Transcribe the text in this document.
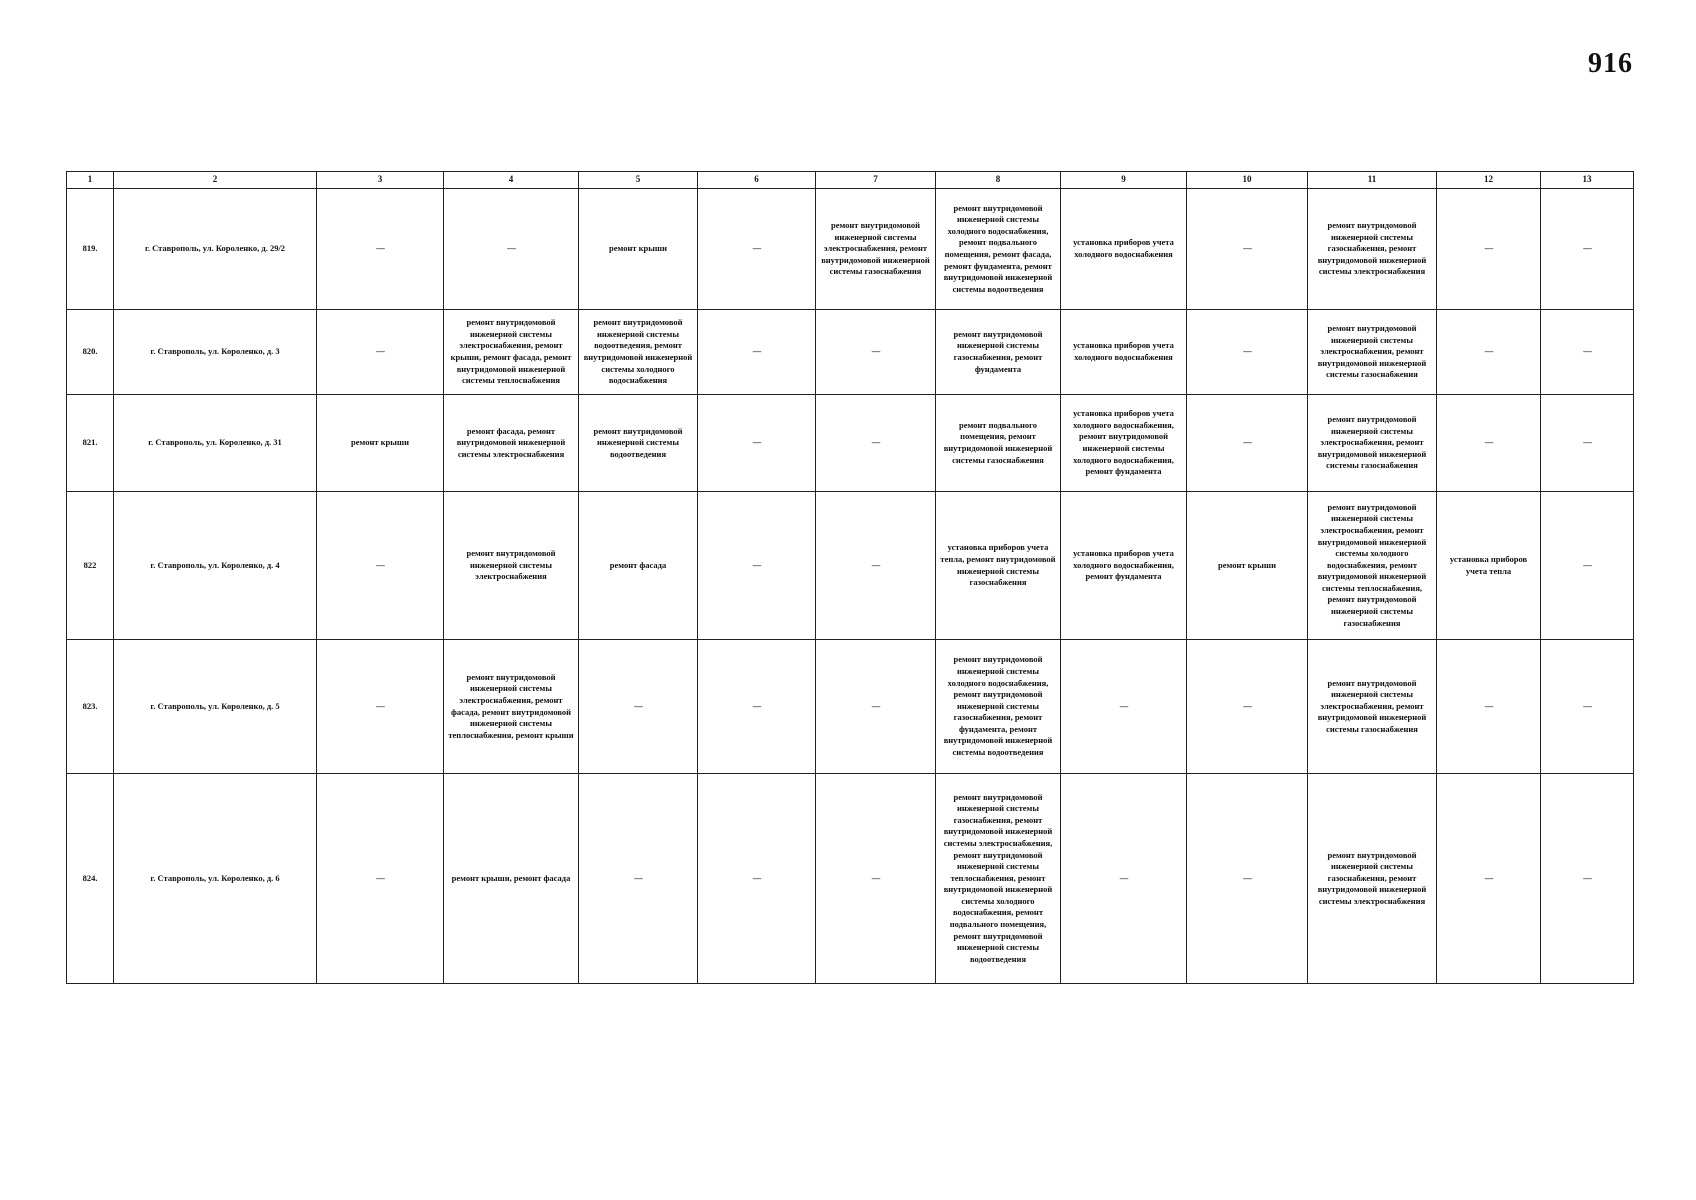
916
1	2	3	4	5	6	7	8	9	10	11	12	13
819.	г. Ставрополь, ул. Короленко, д. 29/2	—	—	ремонт крыши	—	ремонт внутридомовой инженерной системы электроснабжения, ремонт внутридомовой инженерной системы газоснабжения	ремонт внутридомовой инженерной системы холодного водоснабжения, ремонт подвального помещения, ремонт фасада, ремонт фундамента, ремонт внутридомовой инженерной системы водоотведения	установка приборов учета холодного водоснабжения	—	ремонт внутридомовой инженерной системы газоснабжения, ремонт внутридомовой инженерной системы электроснабжения	—	—
820.	г. Ставрополь, ул. Короленко, д. 3	—	ремонт внутридомовой инженерной системы электроснабжения, ремонт крыши, ремонт фасада, ремонт внутридомовой инженерной системы теплоснабжения	ремонт внутридомовой инженерной системы водоотведения, ремонт внутридомовой инженерной системы холодного водоснабжения	—	—	ремонт внутридомовой инженерной системы газоснабжения, ремонт фундамента	установка приборов учета холодного водоснабжения	—	ремонт внутридомовой инженерной системы электроснабжения, ремонт внутридомовой инженерной системы газоснабжения	—	—
821.	г. Ставрополь, ул. Короленко, д. 31	ремонт крыши	ремонт фасада, ремонт внутридомовой инженерной системы электроснабжения	ремонт внутридомовой инженерной системы водоотведения	—	—	ремонт подвального помещения, ремонт внутридомовой инженерной системы газоснабжения	установка приборов учета холодного водоснабжения, ремонт внутридомовой инженерной системы холодного водоснабжения, ремонт фундамента	—	ремонт внутридомовой инженерной системы электроснабжения, ремонт внутридомовой инженерной системы газоснабжения	—	—
822	г. Ставрополь, ул. Короленко, д. 4	—	ремонт внутридомовой инженерной системы электроснабжения	ремонт фасада	—	—	установка приборов учета тепла, ремонт внутридомовой инженерной системы газоснабжения	установка приборов учета холодного водоснабжения, ремонт фундамента	ремонт крыши	ремонт внутридомовой инженерной системы электроснабжения, ремонт внутридомовой инженерной системы холодного водоснабжения, ремонт внутридомовой инженерной системы теплоснабжения, ремонт внутридомовой инженерной системы газоснабжения	установка приборов учета тепла	—
823.	г. Ставрополь, ул. Короленко, д. 5	—	ремонт внутридомовой инженерной системы электроснабжения, ремонт фасада, ремонт внутридомовой инженерной системы теплоснабжения, ремонт крыши	—	—	—	ремонт внутридомовой инженерной системы холодного водоснабжения, ремонт внутридомовой инженерной системы газоснабжения, ремонт фундамента, ремонт внутридомовой инженерной системы водоотведения	—	—	ремонт внутридомовой инженерной системы электроснабжения, ремонт внутридомовой инженерной системы газоснабжения	—	—
824.	г. Ставрополь, ул. Короленко, д. 6	—	ремонт крыши, ремонт фасада	—	—	—	ремонт внутридомовой инженерной системы газоснабжения, ремонт внутридомовой инженерной системы электроснабжения, ремонт внутридомовой инженерной системы теплоснабжения, ремонт внутридомовой инженерной системы холодного водоснабжения, ремонт подвального помещения, ремонт внутридомовой инженерной системы водоотведения	—	—	ремонт внутридомовой инженерной системы газоснабжения, ремонт внутридомовой инженерной системы электроснабжения	—	—
